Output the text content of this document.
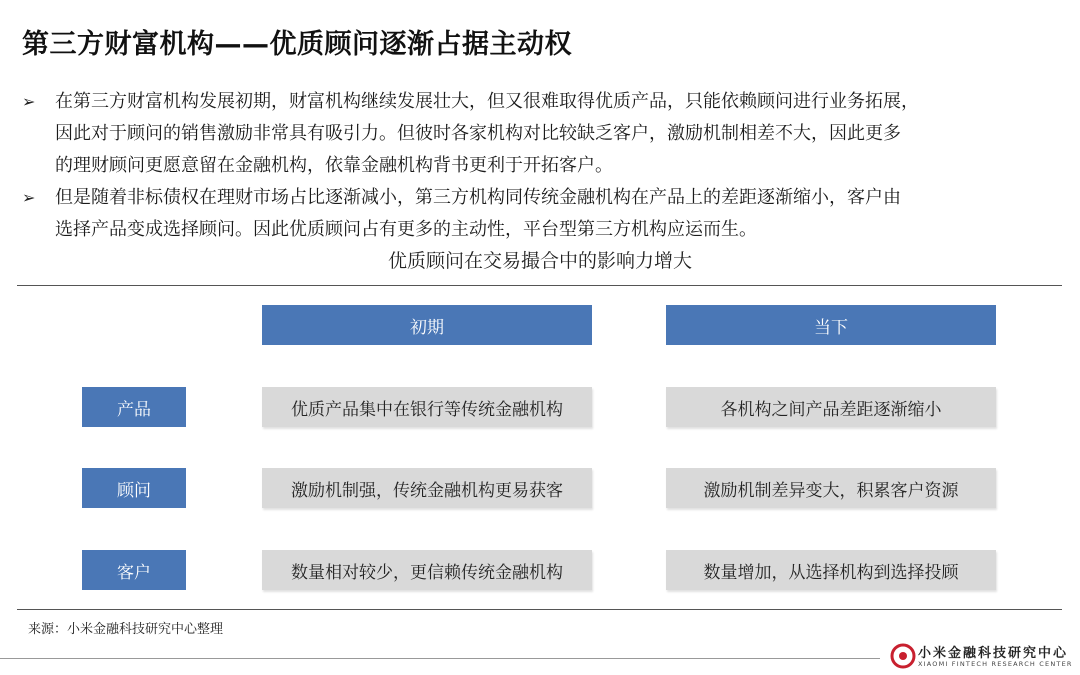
第三方财富机构——优质顾问逐渐占据主动权
➢ 在第三方财富机构发展初期，财富机构继续发展壮大，但又很难取得优质产品，只能依赖顾问进行业务拓展，
因此对于顾问的销售激励非常具有吸引力。但彼时各家机构对比较缺乏客户，激励机制相差不大，因此更多
的理财顾问更愿意留在金融机构，依靠金融机构背书更利于开拓客户。
➢ 但是随着非标债权在理财市场占比逐渐减小，第三方机构同传统金融机构在产品上的差距逐渐缩小，客户由
选择产品变成选择顾问。因此优质顾问占有更多的主动性，平台型第三方机构应运而生。
优质顾问在交易撮合中的影响力增大
初期	当下
产品	优质产品集中在银行等传统金融机构	各机构之间产品差距逐渐缩小
顾问	激励机制强，传统金融机构更易获客	激励机制差异变大，积累客户资源
客户	数量相对较少，更信赖传统金融机构	数量增加，从选择机构到选择投顾
来源：小米金融科技研究中心整理
小米金融科技研究中心
XIAOMI FINTECH RESEARCH CENTER
